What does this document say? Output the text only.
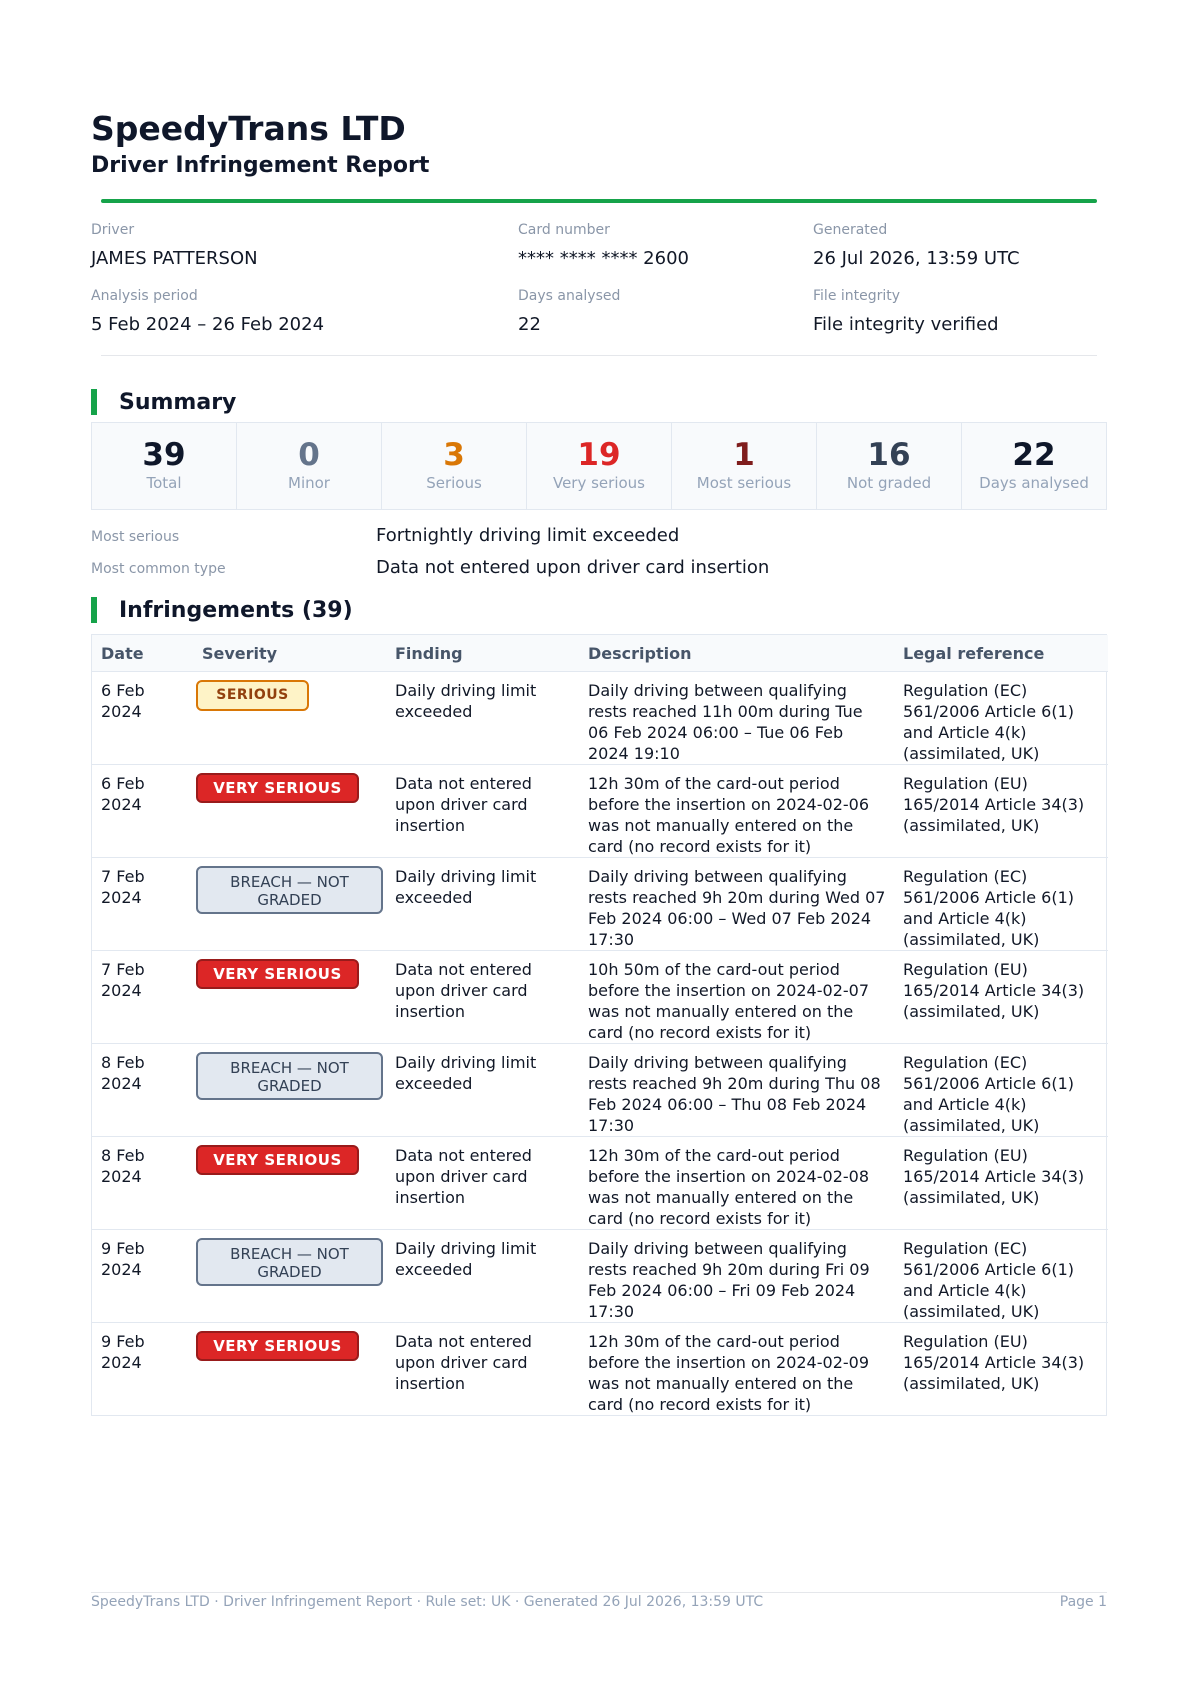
SpeedyTrans LTD
Driver Infringement Report
Driver
JAMES PATTERSON
Card number
**** **** **** 2600
Generated
26 Jul 2026, 13:59 UTC
Analysis period
5 Feb 2024 – 26 Feb 2024
Days analysed
22
File integrity
File integrity verified
Summary
39
Total
0
Minor
3
Serious
19
Very serious
1
Most serious
16
Not graded
22
Days analysed
Most serious	Fortnightly driving limit exceeded
Most common type	Data not entered upon driver card insertion
Infringements (39)
Date	Severity	Finding	Description	Legal reference
6 Feb 2024	SERIOUS	Daily driving limit exceeded	Daily driving between qualifying rests reached 11h 00m during Tue 06 Feb 2024 06:00 – Tue 06 Feb 2024 19:10	Regulation (EC) 561/2006 Article 6(1) and Article 4(k) (assimilated, UK)
6 Feb 2024	VERY SERIOUS	Data not entered upon driver card insertion	12h 30m of the card-out period before the insertion on 2024-02-06 was not manually entered on the card (no record exists for it)	Regulation (EU) 165/2014 Article 34(3) (assimilated, UK)
7 Feb 2024	BREACH — NOT GRADED	Daily driving limit exceeded	Daily driving between qualifying rests reached 9h 20m during Wed 07 Feb 2024 06:00 – Wed 07 Feb 2024 17:30	Regulation (EC) 561/2006 Article 6(1) and Article 4(k) (assimilated, UK)
7 Feb 2024	VERY SERIOUS	Data not entered upon driver card insertion	10h 50m of the card-out period before the insertion on 2024-02-07 was not manually entered on the card (no record exists for it)	Regulation (EU) 165/2014 Article 34(3) (assimilated, UK)
8 Feb 2024	BREACH — NOT GRADED	Daily driving limit exceeded	Daily driving between qualifying rests reached 9h 20m during Thu 08 Feb 2024 06:00 – Thu 08 Feb 2024 17:30	Regulation (EC) 561/2006 Article 6(1) and Article 4(k) (assimilated, UK)
8 Feb 2024	VERY SERIOUS	Data not entered upon driver card insertion	12h 30m of the card-out period before the insertion on 2024-02-08 was not manually entered on the card (no record exists for it)	Regulation (EU) 165/2014 Article 34(3) (assimilated, UK)
9 Feb 2024	BREACH — NOT GRADED	Daily driving limit exceeded	Daily driving between qualifying rests reached 9h 20m during Fri 09 Feb 2024 06:00 – Fri 09 Feb 2024 17:30	Regulation (EC) 561/2006 Article 6(1) and Article 4(k) (assimilated, UK)
9 Feb 2024	VERY SERIOUS	Data not entered upon driver card insertion	12h 30m of the card-out period before the insertion on 2024-02-09 was not manually entered on the card (no record exists for it)	Regulation (EU) 165/2014 Article 34(3) (assimilated, UK)
SpeedyTrans LTD · Driver Infringement Report · Rule set: UK · Generated 26 Jul 2026, 13:59 UTC	Page 1
